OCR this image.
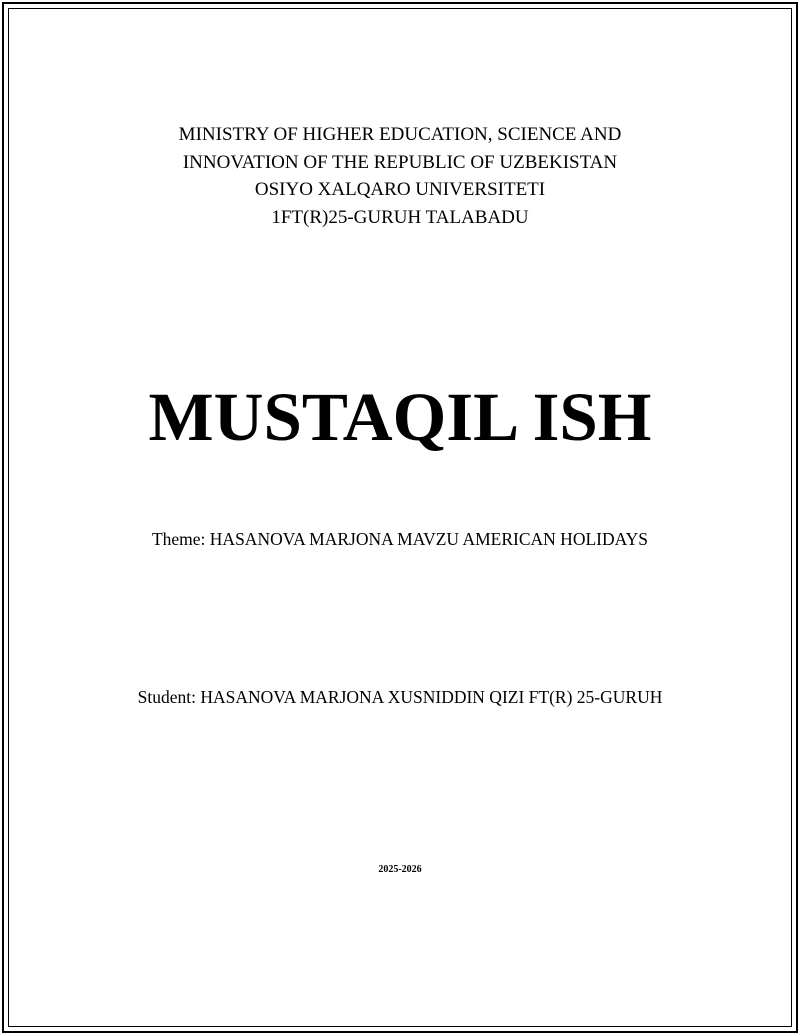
MINISTRY OF HIGHER EDUCATION, SCIENCE AND
INNOVATION OF THE REPUBLIC OF UZBEKISTAN
OSIYO XALQARO UNIVERSITETI
1FT(R)25-GURUH TALABADU
MUSTAQIL ISH
Theme: HASANOVA MARJONA MAVZU AMERICAN HOLIDAYS
Student: HASANOVA MARJONA XUSNIDDIN QIZI FT(R) 25-GURUH
2025-2026
